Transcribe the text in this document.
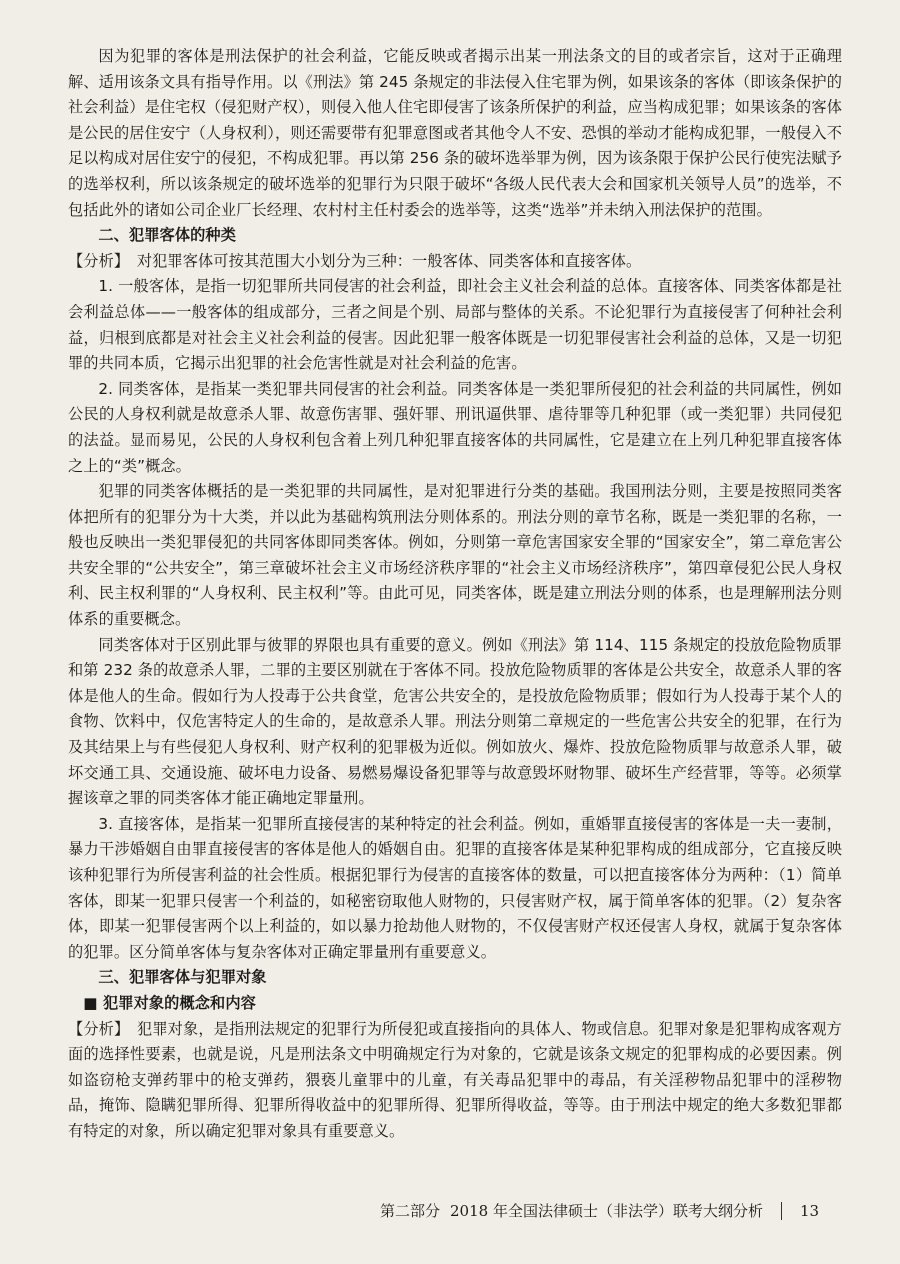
因为犯罪的客体是刑法保护的社会利益，它能反映或者揭示出某一刑法条文的目的或者宗旨，这对于正确理解、适用该条文具有指导作用。以《刑法》第 245 条规定的非法侵入住宅罪为例，如果该条的客体（即该条保护的社会利益）是住宅权（侵犯财产权），则侵入他人住宅即侵害了该条所保护的利益，应当构成犯罪；如果该条的客体是公民的居住安宁（人身权利），则还需要带有犯罪意图或者其他令人不安、恐惧的举动才能构成犯罪，一般侵入不足以构成对居住安宁的侵犯，不构成犯罪。再以第 256 条的破坏选举罪为例，因为该条限于保护公民行使宪法赋予的选举权利，所以该条规定的破坏选举的犯罪行为只限于破坏“各级人民代表大会和国家机关领导人员”的选举，不包括此外的诸如公司企业厂长经理、农村村主任村委会的选举等，这类“选举”并未纳入刑法保护的范围。

二、犯罪客体的种类

【分析】　 对犯罪客体可按其范围大小划分为三种：一般客体、同类客体和直接客体。

1. 一般客体，是指一切犯罪所共同侵害的社会利益，即社会主义社会利益的总体。直接客体、同类客体都是社会利益总体——一般客体的组成部分，三者之间是个别、局部与整体的关系。不论犯罪行为直接侵害了何种社会利益，归根到底都是对社会主义社会利益的侵害。因此犯罪一般客体既是一切犯罪侵害社会利益的总体，又是一切犯罪的共同本质，它揭示出犯罪的社会危害性就是对社会利益的危害。

2. 同类客体，是指某一类犯罪共同侵害的社会利益。同类客体是一类犯罪所侵犯的社会利益的共同属性，例如公民的人身权利就是故意杀人罪、故意伤害罪、强奸罪、刑讯逼供罪、虐待罪等几种犯罪（或一类犯罪）共同侵犯的法益。显而易见，公民的人身权利包含着上列几种犯罪直接客体的共同属性，它是建立在上列几种犯罪直接客体之上的“类”概念。

犯罪的同类客体概括的是一类犯罪的共同属性，是对犯罪进行分类的基础。我国刑法分则，主要是按照同类客体把所有的犯罪分为十大类，并以此为基础构筑刑法分则体系的。刑法分则的章节名称，既是一类犯罪的名称，一般也反映出一类犯罪侵犯的共同客体即同类客体。例如，分则第一章危害国家安全罪的“国家安全”，第二章危害公共安全罪的“公共安全”，第三章破坏社会主义市场经济秩序罪的“社会主义市场经济秩序”，第四章侵犯公民人身权利、民主权利罪的“人身权利、民主权利”等。由此可见，同类客体，既是建立刑法分则的体系，也是理解刑法分则体系的重要概念。

同类客体对于区别此罪与彼罪的界限也具有重要的意义。例如《刑法》第 114、115 条规定的投放危险物质罪和第 232 条的故意杀人罪，二罪的主要区别就在于客体不同。投放危险物质罪的客体是公共安全，故意杀人罪的客体是他人的生命。假如行为人投毒于公共食堂，危害公共安全的，是投放危险物质罪；假如行为人投毒于某个人的食物、饮料中，仅危害特定人的生命的，是故意杀人罪。刑法分则第二章规定的一些危害公共安全的犯罪，在行为及其结果上与有些侵犯人身权利、财产权利的犯罪极为近似。例如放火、爆炸、投放危险物质罪与故意杀人罪，破坏交通工具、交通设施、破坏电力设备、易燃易爆设备犯罪等与故意毁坏财物罪、破坏生产经营罪，等等。必须掌握该章之罪的同类客体才能正确地定罪量刑。

3. 直接客体，是指某一犯罪所直接侵害的某种特定的社会利益。例如，重婚罪直接侵害的客体是一夫一妻制，暴力干涉婚姻自由罪直接侵害的客体是他人的婚姻自由。犯罪的直接客体是某种犯罪构成的组成部分，它直接反映该种犯罪行为所侵害利益的社会性质。根据犯罪行为侵害的直接客体的数量，可以把直接客体分为两种：（1）简单客体，即某一犯罪只侵害一个利益的，如秘密窃取他人财物的，只侵害财产权，属于简单客体的犯罪。（2）复杂客体，即某一犯罪侵害两个以上利益的，如以暴力抢劫他人财物的，不仅侵害财产权还侵害人身权，就属于复杂客体的犯罪。区分简单客体与复杂客体对正确定罪量刑有重要意义。

三、犯罪客体与犯罪对象

■ 犯罪对象的概念和内容

【分析】　 犯罪对象，是指刑法规定的犯罪行为所侵犯或直接指向的具体人、物或信息。犯罪对象是犯罪构成客观方面的选择性要素，也就是说，凡是刑法条文中明确规定行为对象的，它就是该条文规定的犯罪构成的必要因素。例如盗窃枪支弹药罪中的枪支弹药，猥亵儿童罪中的儿童，有关毒品犯罪中的毒品，有关淫秽物品犯罪中的淫秽物品，掩饰、隐瞒犯罪所得、犯罪所得收益中的犯罪所得、犯罪所得收益，等等。由于刑法中规定的绝大多数犯罪都有特定的对象，所以确定犯罪对象具有重要意义。

第二部分 2018 年全国法律硕士（非法学）联考大纲分析 13
